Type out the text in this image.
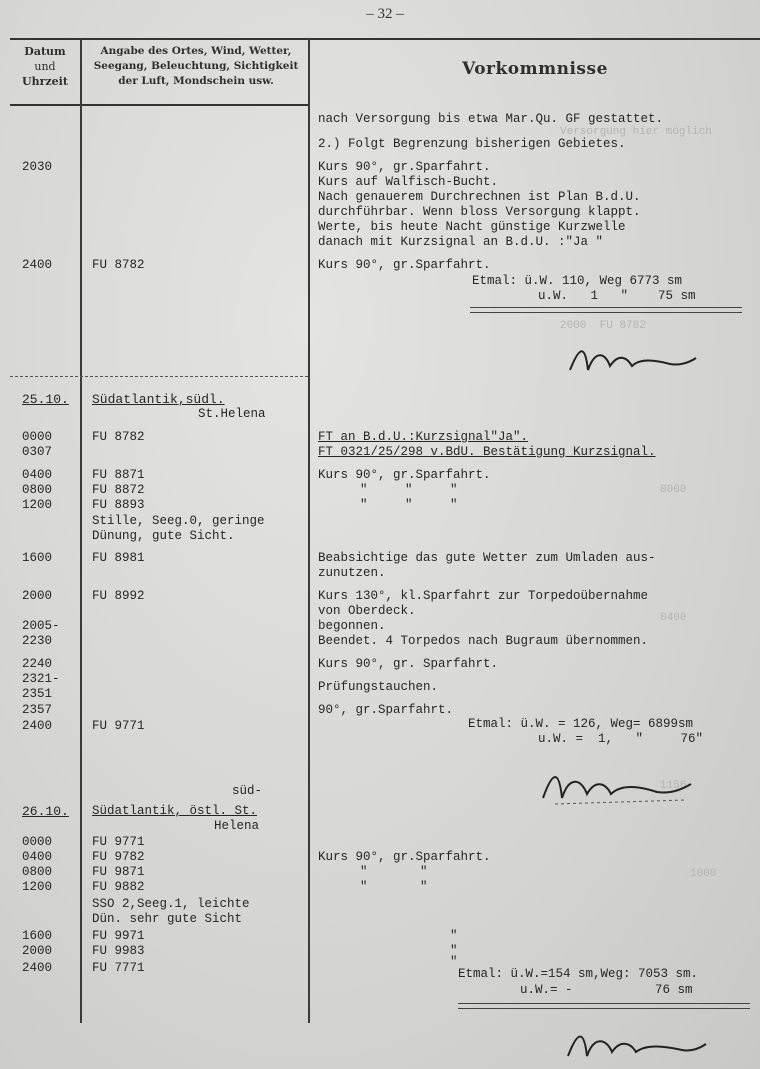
– 32 –
Datum
und
Uhrzeit
Angabe des Ortes, Wind, Wetter,
Seegang, Beleuchtung, Sichtigkeit
der Luft, Mondschein usw.
Vorkommnisse
Versorgung hier möglich
2000  FU 8782
0000
0400
1156
1000
nach Versorgung bis etwa Mar.Qu. GF gestattet.
2.) Folgt Begrenzung bisherigen Gebietes.
2030	Kurs 90°, gr.Sparfahrt.
Kurs auf Walfisch-Bucht.
Nach genauerem Durchrechnen ist Plan B.d.U.
durchführbar. Wenn bloss Versorgung klappt.
Werte, bis heute Nacht günstige Kurzwelle
danach mit Kurzsignal an B.d.U. :"Ja "
2400	FU 8782	Kurs 90°, gr.Sparfahrt.
Etmal: ü.W. 110, Weg 6773 sm
u.W.   1   "    75 sm
25.10. Südatlantik,südl.
St.Helena
0000	FU 8782	FT an B.d.U.:Kurzsignal"Ja".
0307	FT 0321/25/298 v.BdU. Bestätigung Kurzsignal.
0400	FU 8871	Kurs 90°, gr.Sparfahrt.
0800	FU 8872	"     "     "
1200	FU 8893	"     "     "
Stille, Seeg.0, geringe
Dünung, gute Sicht.
1600	FU 8981	Beabsichtige das gute Wetter zum Umladen aus-
zunutzen.
2000	FU 8992	Kurs 130°, kl.Sparfahrt zur Torpedoübernahme
von Oberdeck.
2005-	begonnen.
2230	Beendet. 4 Torpedos nach Bugraum übernommen.
2240	Kurs 90°, gr. Sparfahrt.
2321-
2351	Prüfungstauchen.
2357	90°, gr.Sparfahrt.
2400	FU 9771	Etmal: ü.W. = 126, Weg= 6899sm
u.W. =  1,   "     76"
süd-
26.10. Südatlantik, östl. St.
Helena
0000	FU 9771
0400	FU 9782	Kurs 90°, gr.Sparfahrt.
0800	FU 9871	"       "
1200	FU 9882	"       "
SSO 2,Seeg.1, leichte
Dün. sehr gute Sicht
1600	FU 9971	"
2000	FU 9983	"
2400	FU 7771	"
Etmal: ü.W.=154 sm,Weg: 7053 sm.
u.W.= -           76 sm
